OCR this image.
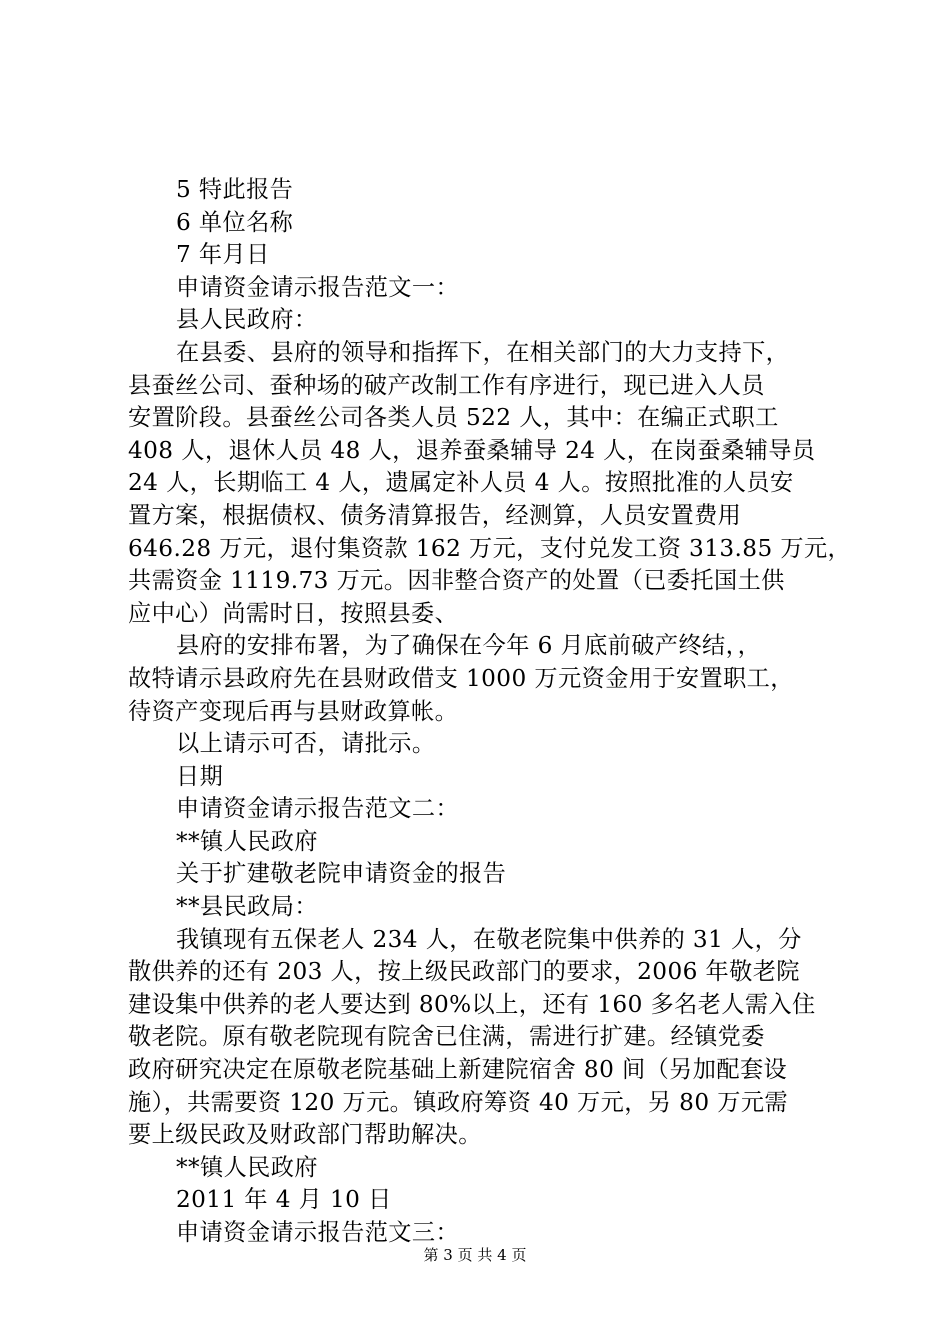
5 特此报告
6 单位名称
7 年月日
申请资金请示报告范文一：
县人民政府：
在县委、县府的领导和指挥下，在相关部门的大力支持下，
县蚕丝公司、蚕种场的破产改制工作有序进行，现已进入人员
安置阶段。县蚕丝公司各类人员 522 人，其中：在编正式职工
408 人，退休人员 48 人，退养蚕桑辅导 24 人，在岗蚕桑辅导员
24 人，长期临工 4 人，遗属定补人员 4 人。按照批准的人员安
置方案，根据债权、债务清算报告，经测算，人员安置费用
646.28 万元，退付集资款 162 万元，支付兑发工资 313.85 万元，
共需资金 1119.73 万元。因非整合资产的处置（已委托国土供
应中心）尚需时日，按照县委、
县府的安排布署，为了确保在今年 6 月底前破产终结，，
故特请示县政府先在县财政借支 1000 万元资金用于安置职工，
待资产变现后再与县财政算帐。
以上请示可否，请批示。
日期
申请资金请示报告范文二：
**镇人民政府
关于扩建敬老院申请资金的报告
**县民政局：
我镇现有五保老人 234 人，在敬老院集中供养的 31 人，分
散供养的还有 203 人，按上级民政部门的要求，2006 年敬老院
建设集中供养的老人要达到 80%以上，还有 160 多名老人需入住
敬老院。原有敬老院现有院舍已住满，需进行扩建。经镇党委
政府研究决定在原敬老院基础上新建院宿舍 80 间（另加配套设
施），共需要资 120 万元。镇政府筹资 40 万元，另 80 万元需
要上级民政及财政部门帮助解决。
**镇人民政府
2011 年 4 月 10 日
申请资金请示报告范文三：
第 3 页 共 4 页
